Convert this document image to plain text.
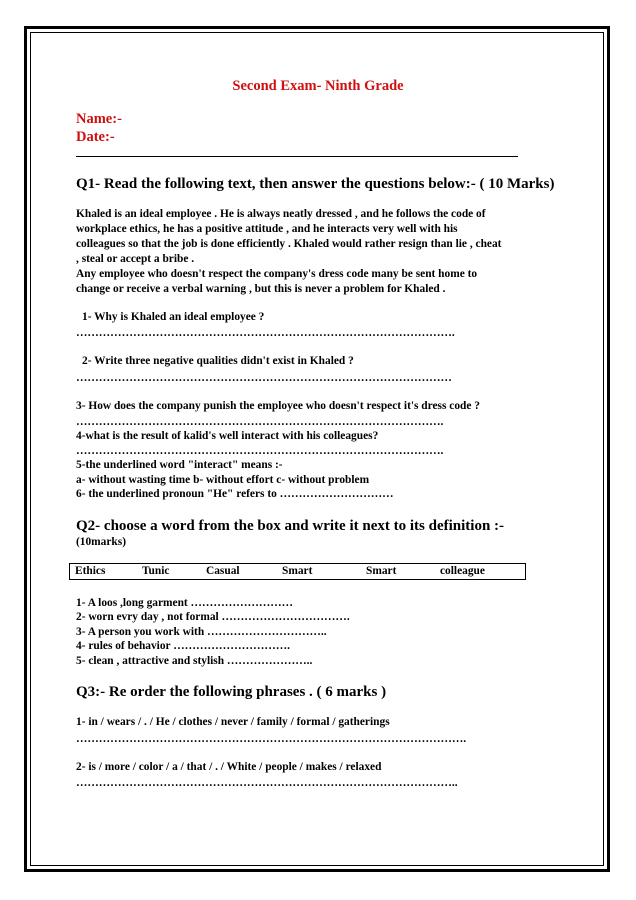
Second Exam- Ninth Grade
Name:-
Date:-
Q1- Read the following text, then answer the questions below:- ( 10 Marks)
Khaled is an ideal employee . He is always neatly dressed , and he follows the code of
workplace ethics, he has a positive attitude , and he interacts very well with his
colleagues so that the job is done efficiently . Khaled would rather resign than lie , cheat
, steal or accept a bribe .
Any employee who doesn't respect the company's dress code many be sent home to
change or receive a verbal warning , but this is never a problem for Khaled .
1- Why is Khaled an ideal employee ?
……………………………………………………………………………………….
2- Write three negative qualities didn't exist in Khaled ?
………………………………………………………………………………………
3- How does the company punish the employee who doesn't respect it's dress code ?
…………………………………………………………………………………….
4-what is the result of kalid's well interact with his colleagues?
…………………………………………………………………………………….
5-the underlined word "interact" means :-
a- without wasting time b- without effort c- without problem
6- the underlined pronoun "He" refers to …………………………
Q2- choose a word from the box and write it next to its definition :-
(10marks)
Ethics	Tunic	Casual	Smart	Smart	colleague
1- A loos ,long garment ………………………
2- worn evry day , not formal …………………………….
3- A person you work with …………………………..
4- rules of behavior ………………………….
5- clean , attractive and stylish …………………..
Q3:- Re order the following phrases . ( 6 marks )
1- in / wears / . / He / clothes / never / family / formal / gatherings
………………………………………………………………………………………….
2- is / more / color / a / that / . / White / people / makes / relaxed
………………………………………………………………………………………..
